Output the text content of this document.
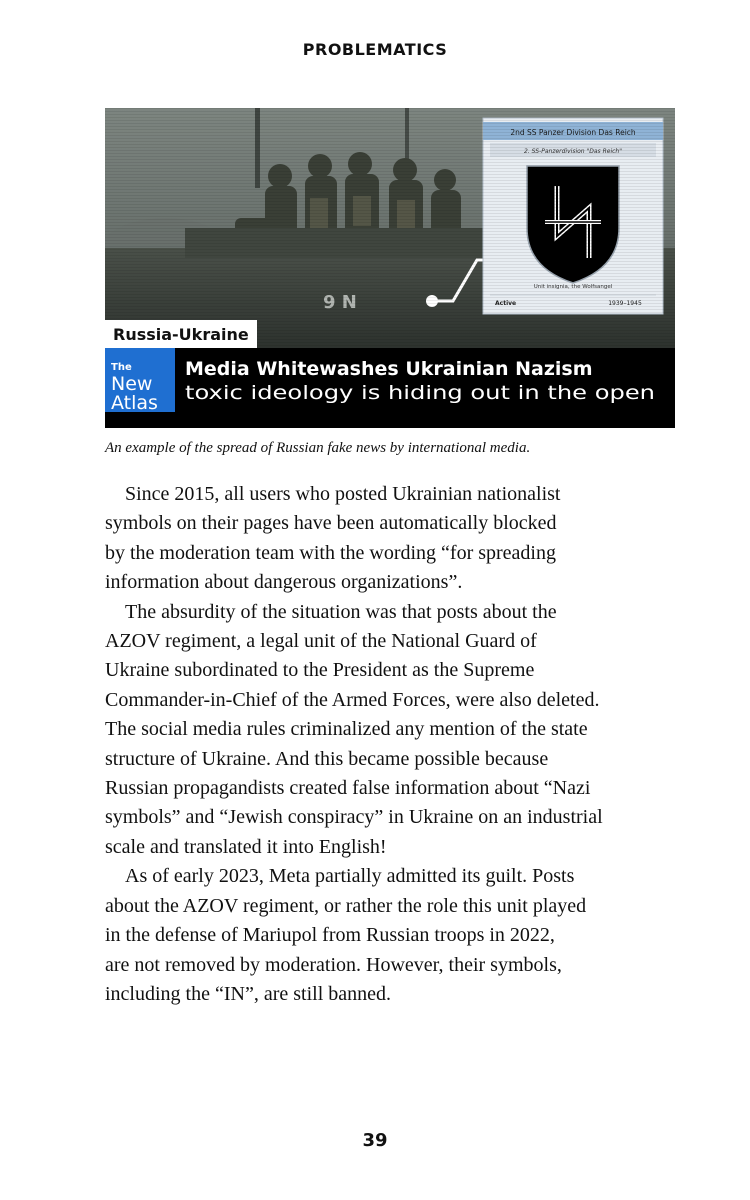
PROBLEMATICS
Russia-Ukraine
The
New
Atlas
Media Whitewashes Ukrainian Nazism
toxic ideology is hiding out in the open
An example of the spread of Russian fake news by international media.

Since 2015, all users who posted Ukrainian nationalist
symbols on their pages have been automatically blocked
by the moderation team with the wording “for spreading
information about dangerous organizations”.

The absurdity of the situation was that posts about the
AZOV regiment, a legal unit of the National Guard of
Ukraine subordinated to the President as the Supreme
Commander-in-Chief of the Armed Forces, were also deleted.
The social media rules criminalized any mention of the state
structure of Ukraine. And this became possible because
Russian propagandists created false information about “Nazi
symbols” and “Jewish conspiracy” in Ukraine on an industrial
scale and translated it into English!

As of early 2023, Meta partially admitted its guilt. Posts
about the AZOV regiment, or rather the role this unit played
in the defense of Mariupol from Russian troops in 2022,
are not removed by moderation. However, their symbols,
including the “IN”, are still banned.

39
